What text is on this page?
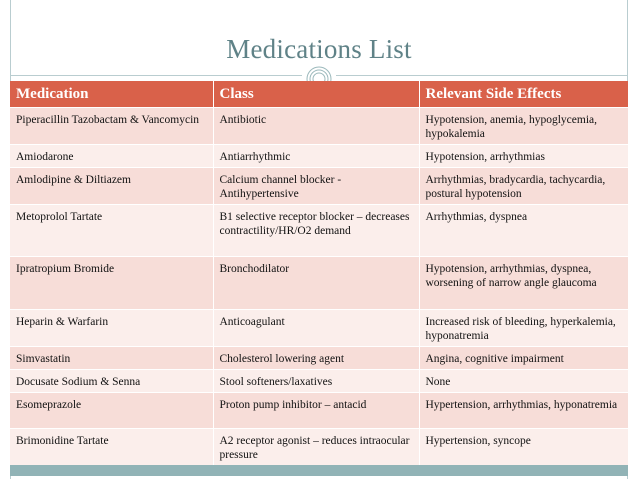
Medications List
Medication	Class	Relevant Side Effects
Piperacillin Tazobactam & Vancomycin	Antibiotic	Hypotension, anemia, hypoglycemia, hypokalemia
Amiodarone	Antiarrhythmic	Hypotension, arrhythmias
Amlodipine & Diltiazem	Calcium channel blocker - Antihypertensive	Arrhythmias, bradycardia, tachycardia, postural hypotension
Metoprolol Tartate	B1 selective receptor blocker – decreases contractility/HR/O2 demand	Arrhythmias, dyspnea
Ipratropium Bromide	Bronchodilator	Hypotension, arrhythmias, dyspnea, worsening of narrow angle glaucoma
Heparin & Warfarin	Anticoagulant	Increased risk of bleeding, hyperkalemia, hyponatremia
Simvastatin	Cholesterol lowering agent	Angina, cognitive impairment
Docusate Sodium & Senna	Stool softeners/laxatives	None
Esomeprazole	Proton pump inhibitor – antacid	Hypertension, arrhythmias, hyponatremia
Brimonidine Tartate	A2 receptor agonist – reduces intraocular pressure	Hypertension, syncope
